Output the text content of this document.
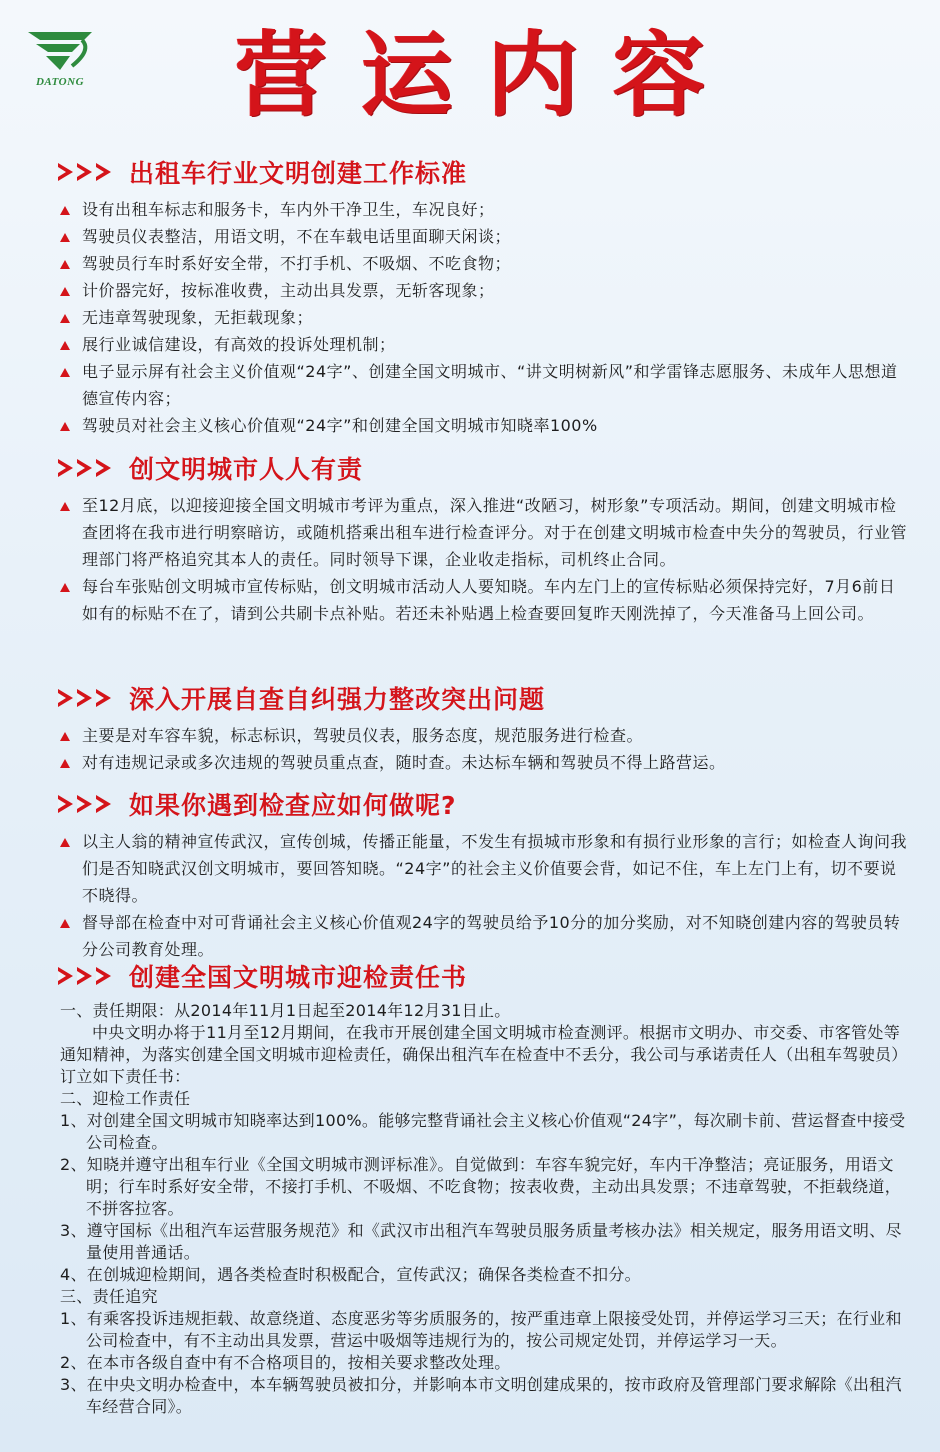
DATONG	营运内容
出租车行业文明创建工作标准
设有出租车标志和服务卡，车内外干净卫生，车况良好；
驾驶员仪表整洁，用语文明，不在车载电话里面聊天闲谈；
驾驶员行车时系好安全带，不打手机、不吸烟、不吃食物；
计价器完好，按标准收费，主动出具发票，无斩客现象；
无违章驾驶现象，无拒载现象；
展行业诚信建设，有高效的投诉处理机制；
电子显示屏有社会主义价值观“24字”、创建全国文明城市、“讲文明树新风”和学雷锋志愿服务、未成年人思想道德宣传内容；
驾驶员对社会主义核心价值观“24字”和创建全国文明城市知晓率100%
创文明城市人人有责
至12月底，以迎接迎接全国文明城市考评为重点，深入推进“改陋习，树形象”专项活动。期间，创建文明城市检查团将在我市进行明察暗访，或随机搭乘出租车进行检查评分。对于在创建文明城市检查中失分的驾驶员，行业管理部门将严格追究其本人的责任。同时领导下课，企业收走指标，司机终止合同。
每台车张贴创文明城市宣传标贴，创文明城市活动人人要知晓。车内左门上的宣传标贴必须保持完好，7月6前日如有的标贴不在了，请到公共刷卡点补贴。若还未补贴遇上检查要回复昨天刚洗掉了，今天准备马上回公司。
深入开展自查自纠强力整改突出问题
主要是对车容车貌，标志标识，驾驶员仪表，服务态度，规范服务进行检查。
对有违规记录或多次违规的驾驶员重点查，随时查。未达标车辆和驾驶员不得上路营运。
如果你遇到检查应如何做呢?
以主人翁的精神宣传武汉，宣传创城，传播正能量，不发生有损城市形象和有损行业形象的言行；如检查人询问我们是否知晓武汉创文明城市，要回答知晓。“24字”的社会主义价值要会背，如记不住，车上左门上有，切不要说不晓得。
督导部在检查中对可背诵社会主义核心价值观24字的驾驶员给予10分的加分奖励，对不知晓创建内容的驾驶员转分公司教育处理。
创建全国文明城市迎检责任书

一、责任期限：从2014年11月1日起至2014年12月31日止。

中央文明办将于11月至12月期间，在我市开展创建全国文明城市检查测评。根据市文明办、市交委、市客管处等通知精神，为落实创建全国文明城市迎检责任，确保出租汽车在检查中不丢分，我公司与承诺责任人（出租车驾驶员）订立如下责任书：

二、迎检工作责任

1、对创建全国文明城市知晓率达到100%。能够完整背诵社会主义核心价值观“24字”，每次刷卡前、营运督查中接受公司检查。

2、知晓并遵守出租车行业《全国文明城市测评标准》。自觉做到：车容车貌完好，车内干净整洁；亮证服务，用语文明；行车时系好安全带，不接打手机、不吸烟、不吃食物；按表收费，主动出具发票；不违章驾驶，不拒载绕道，不拼客拉客。

3、遵守国标《出租汽车运营服务规范》和《武汉市出租汽车驾驶员服务质量考核办法》相关规定，服务用语文明、尽量使用普通话。

4、在创城迎检期间，遇各类检查时积极配合，宣传武汉；确保各类检查不扣分。

三、责任追究

1、有乘客投诉违规拒载、故意绕道、态度恶劣等劣质服务的，按严重违章上限接受处罚，并停运学习三天；在行业和公司检查中，有不主动出具发票，营运中吸烟等违规行为的，按公司规定处罚，并停运学习一天。

2、在本市各级自查中有不合格项目的，按相关要求整改处理。

3、在中央文明办检查中，本车辆驾驶员被扣分，并影响本市文明创建成果的，按市政府及管理部门要求解除《出租汽车经营合同》。
